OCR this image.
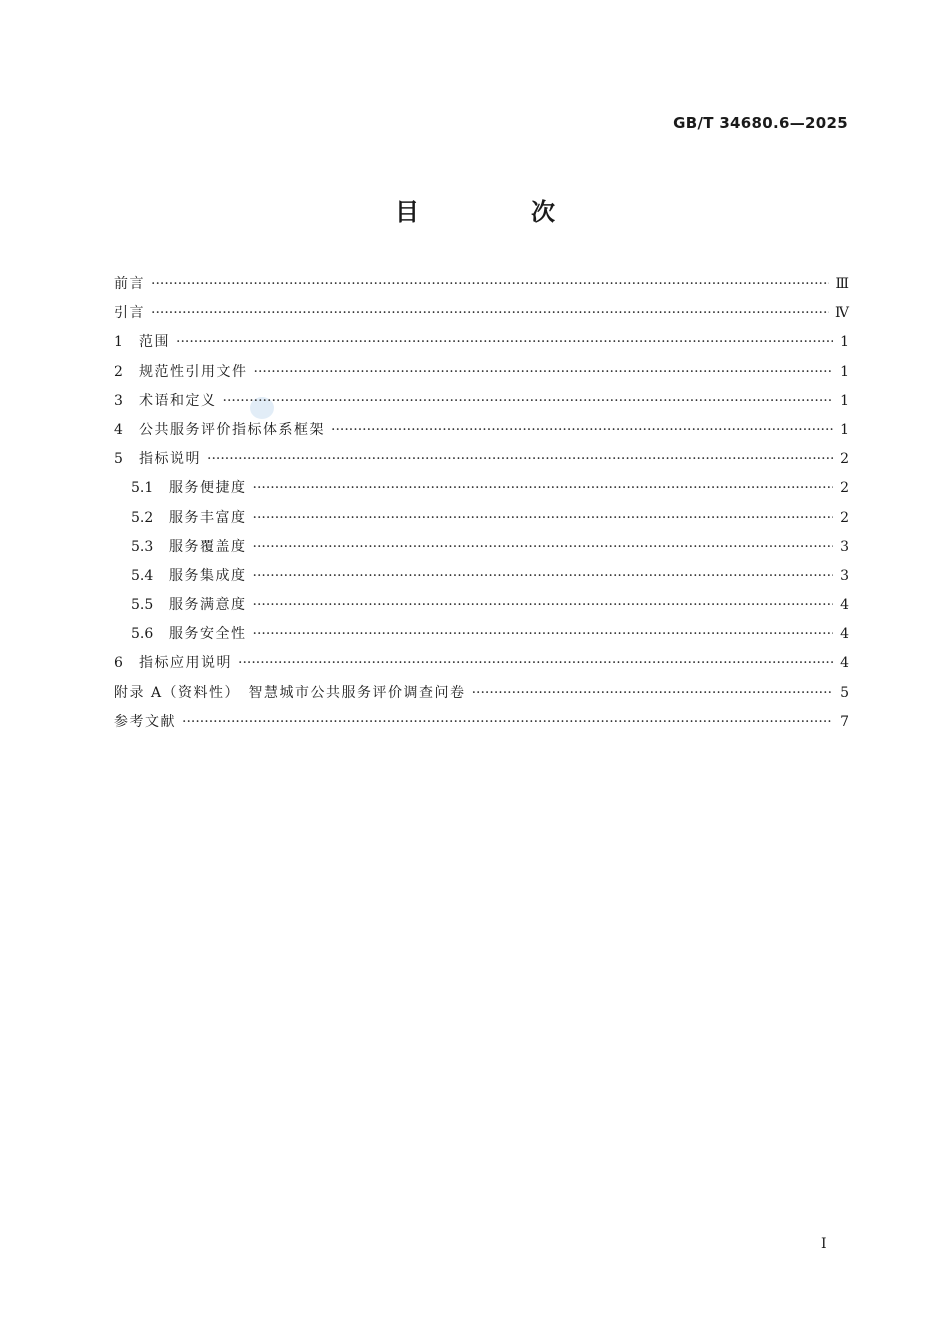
GB/T 34680.6—2025
目　次
前言 ·····	Ⅲ
引言 ·····	Ⅳ
1	范围 ·····	1
2	规范性引用文件 ·····	1
3	术语和定义 ·····	1
4	公共服务评价指标体系框架 ·····	1
5	指标说明 ·····	2
5.1	服务便捷度 ·····	2
5.2	服务丰富度 ·····	2
5.3	服务覆盖度 ·····	3
5.4	服务集成度 ·····	3
5.5	服务满意度 ·····	4
5.6	服务安全性 ·····	4
6	指标应用说明 ·····	4
附录 A（资料性）　智慧城市公共服务评价调查问卷 ·····	5
参考文献 ·····	7
Ⅰ
